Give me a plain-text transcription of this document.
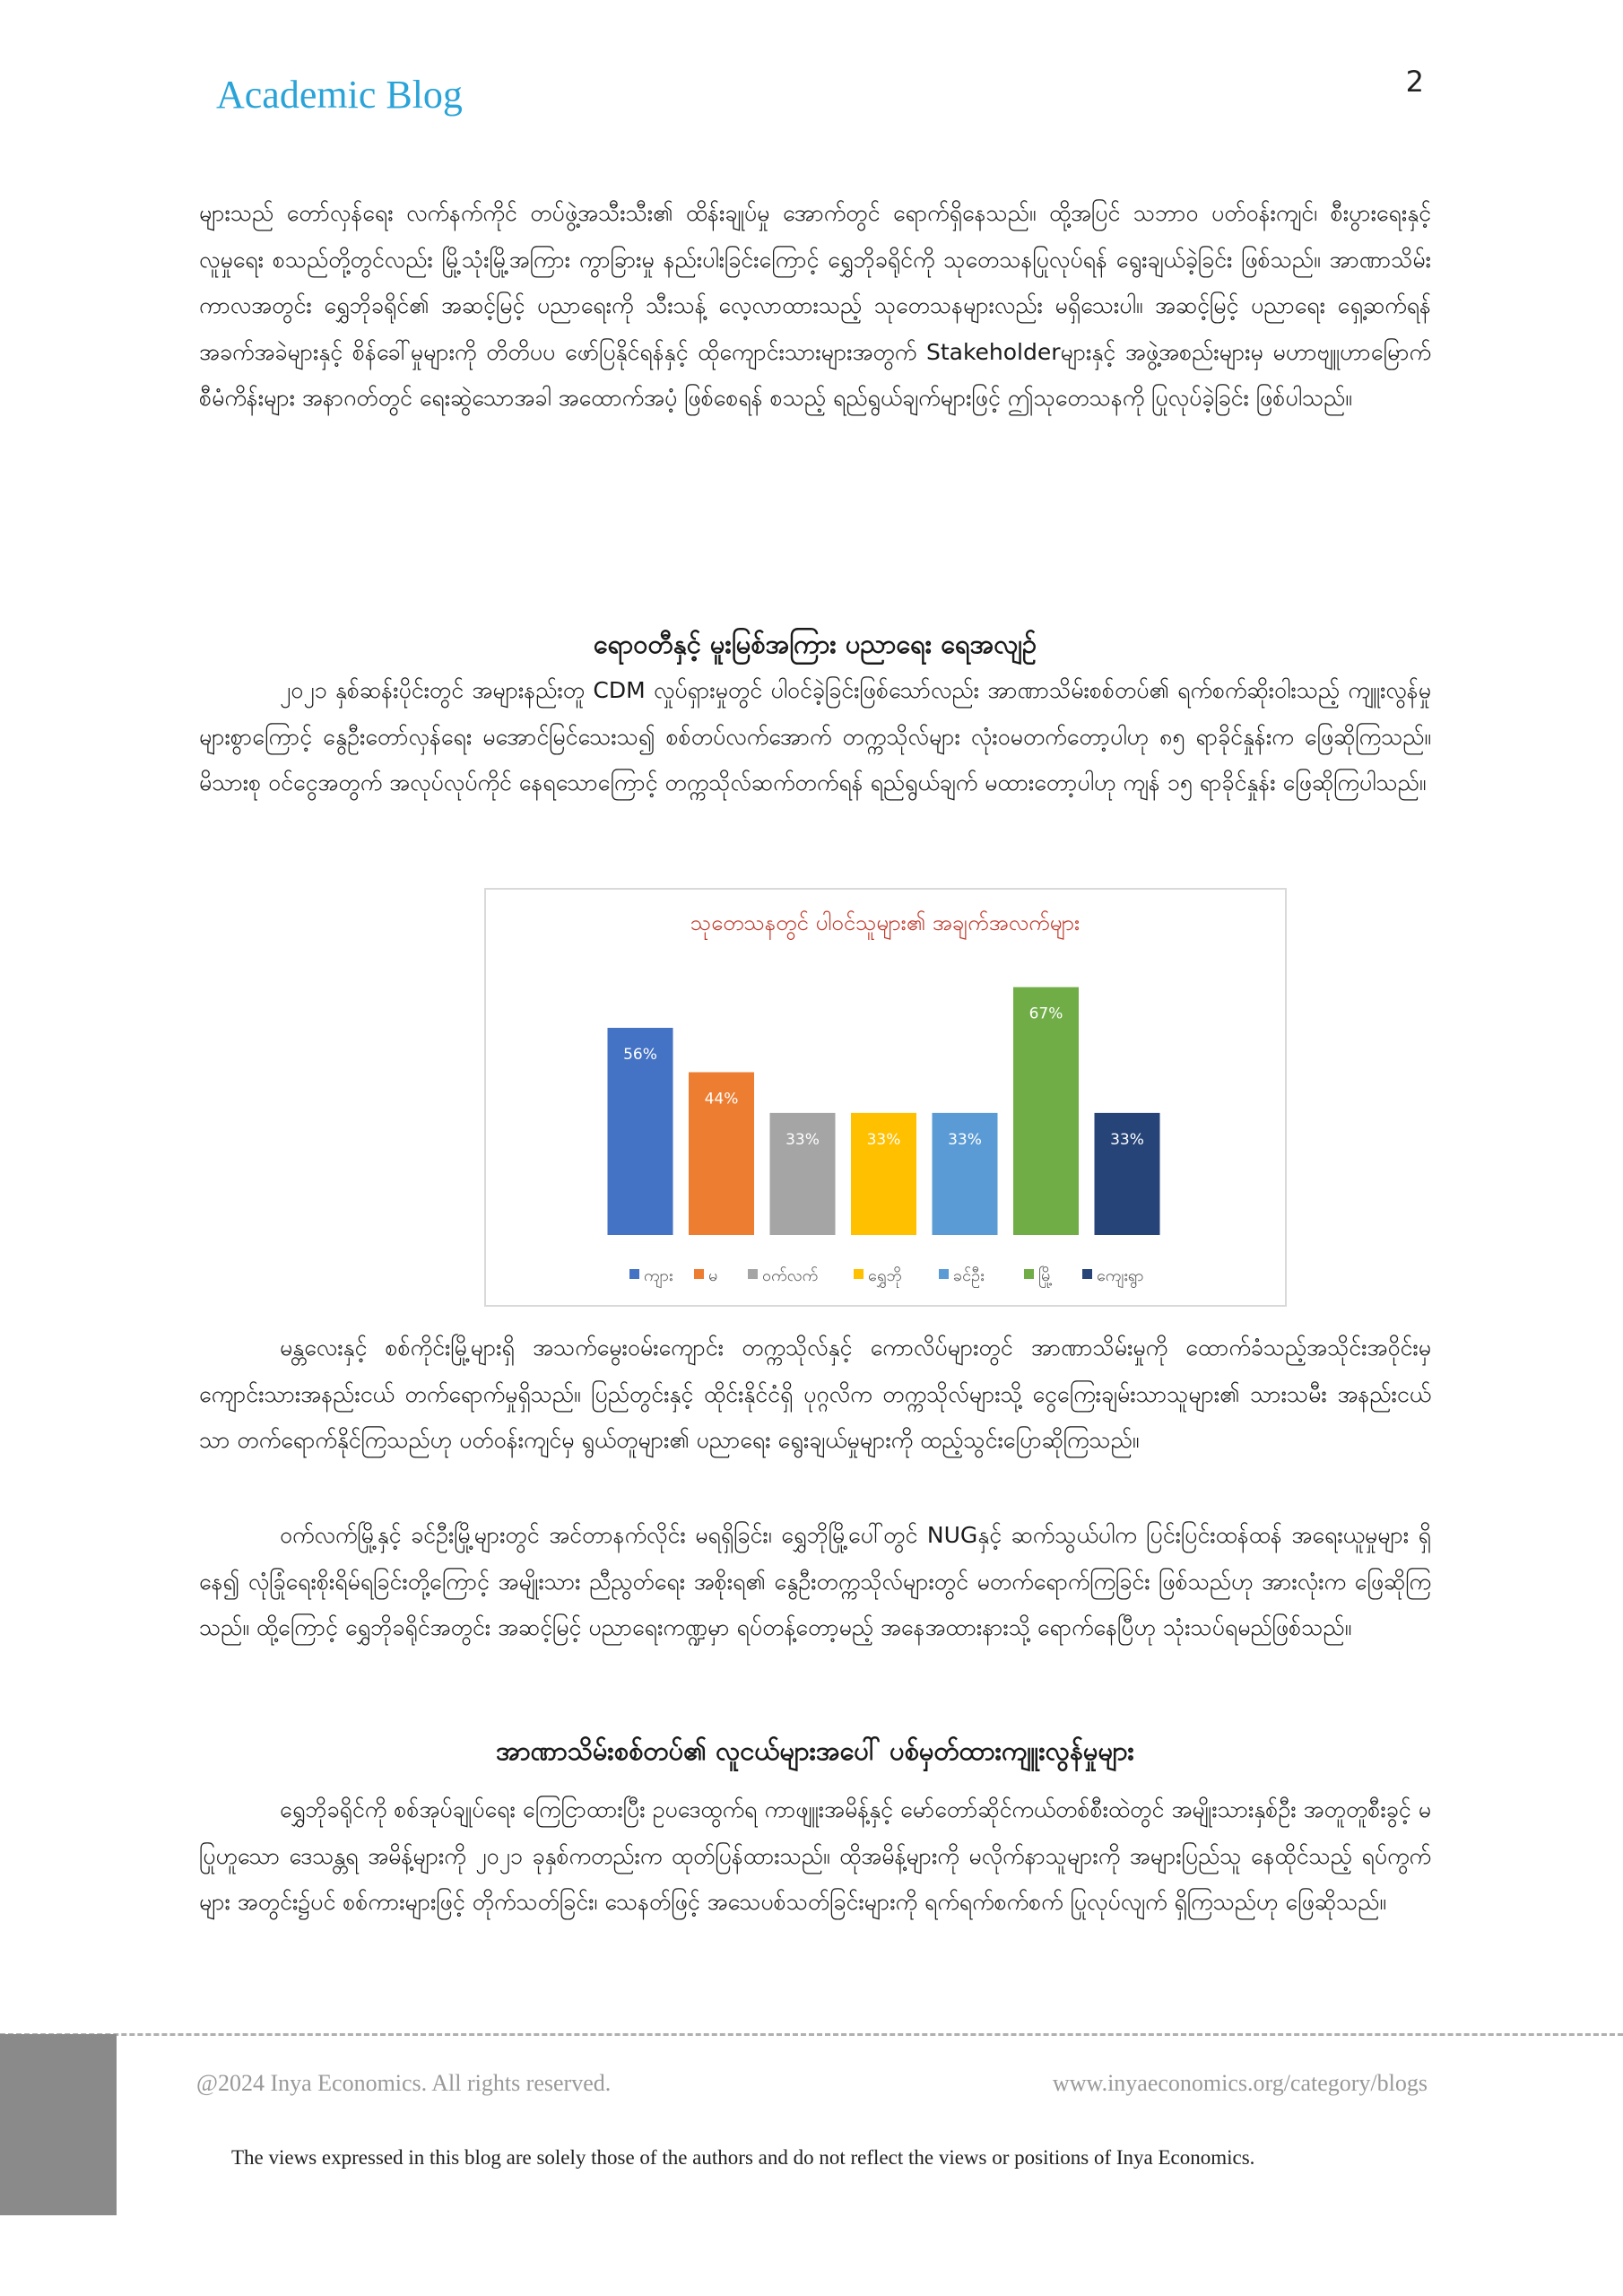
Academic Blog	2

များသည် တော်လှန်ရေး လက်နက်ကိုင် တပ်ဖွဲ့အသီးသီး၏ ထိန်းချုပ်မှု အောက်တွင် ရောက်ရှိနေသည်။ ထို့အပြင် သဘာဝ ပတ်ဝန်းကျင်၊ စီးပွားရေးနှင့် လူမှုရေး စသည်တို့တွင်လည်း မြို့သုံးမြို့အကြား ကွာခြားမှု နည်းပါးခြင်းကြောင့် ရွှေဘိုခရိုင်ကို သုတေသနပြုလုပ်ရန် ရွေးချယ်ခဲ့ခြင်း ဖြစ်သည်။ အာဏာသိမ်း ကာလအတွင်း ရွှေဘိုခရိုင်၏ အဆင့်မြင့် ပညာရေးကို သီးသန့် လေ့လာထားသည့် သုတေသနများလည်း မရှိသေးပါ။ အဆင့်မြင့် ပညာရေး ရှေ့ဆက်ရန် အခက်အခဲများနှင့် စိန်ခေါ်မှုများကို တိတိပပ ဖော်ပြနိုင်ရန်နှင့် ထိုကျောင်းသားများအတွက် Stakeholderများနှင့် အဖွဲ့အစည်းများမှ မဟာဗျူဟာမြောက် စီမံကိန်းများ အနာဂတ်တွင် ရေးဆွဲသောအခါ အထောက်အပံ့ ဖြစ်စေရန် စသည့် ရည်ရွယ်ချက်များဖြင့် ဤသုတေသနကို ပြုလုပ်ခဲ့ခြင်း ဖြစ်ပါသည်။

ရောဝတီနှင့် မူးမြစ်အကြား ပညာရေး ရေအလျဉ်

၂၀၂၁ နှစ်ဆန်းပိုင်းတွင် အများနည်းတူ CDM လှုပ်ရှားမှုတွင် ပါဝင်ခဲ့ခြင်းဖြစ်သော်လည်း အာဏာသိမ်းစစ်တပ်၏ ရက်စက်ဆိုးဝါးသည့် ကျူးလွန်မှုများစွာကြောင့် နွေဦးတော်လှန်ရေး မအောင်မြင်သေးသ၍ စစ်တပ်လက်အောက် တက္ကသိုလ်များ လုံးဝမတက်တော့ပါဟု ၈၅ ရာခိုင်နှုန်းက ဖြေဆိုကြသည်။ မိသားစု ဝင်ငွေအတွက် အလုပ်လုပ်ကိုင် နေရသောကြောင့် တက္ကသိုလ်ဆက်တက်ရန် ရည်ရွယ်ချက် မထားတော့ပါဟု ကျန် ၁၅ ရာခိုင်နှုန်း ဖြေဆိုကြပါသည်။

သုတေသနတွင် ပါဝင်သူများ၏ အချက်အလက်များ
56%
44%
33%	33%	33%
67%
33%
ကျား မ	ဝက်လက်	ရွှေဘို	ခင်ဦး	မြို့	ကျေးရွာ

မန္တလေးနှင့် စစ်ကိုင်းမြို့များရှိ အသက်မွေးဝမ်းကျောင်း တက္ကသိုလ်နှင့် ကောလိပ်များတွင် အာဏာသိမ်းမှုကို ထောက်ခံသည့်အသိုင်းအဝိုင်းမှ ကျောင်းသားအနည်းငယ် တက်ရောက်မှုရှိသည်။ ပြည်တွင်းနှင့် ထိုင်းနိုင်ငံရှိ ပုဂ္ဂလိက တက္ကသိုလ်များသို့ ငွေကြေးချမ်းသာသူများ၏ သားသမီး အနည်းငယ်သာ တက်ရောက်နိုင်ကြသည်ဟု ပတ်ဝန်းကျင်မှ ရွယ်တူများ၏ ပညာရေး ရွေးချယ်မှုများကို ထည့်သွင်းပြောဆိုကြသည်။

ဝက်လက်မြို့နှင့် ခင်ဦးမြို့များတွင် အင်တာနက်လိုင်း မရရှိခြင်း၊ ရွှေဘိုမြို့ပေါ်တွင် NUGနှင့် ဆက်သွယ်ပါက ပြင်းပြင်းထန်ထန် အရေးယူမှုများ ရှိနေ၍ လုံခြုံရေးစိုးရိမ်ရခြင်းတို့ကြောင့် အမျိုးသား ညီညွတ်ရေး အစိုးရ၏ နွေဦးတက္ကသိုလ်များတွင် မတက်ရောက်ကြခြင်း ဖြစ်သည်ဟု အားလုံးက ဖြေဆိုကြသည်။ ထို့ကြောင့် ရွှေဘိုခရိုင်အတွင်း အဆင့်မြင့် ပညာရေးကဏ္ဍမှာ ရပ်တန့်တော့မည့် အနေအထားနားသို့ ရောက်နေပြီဟု သုံးသပ်ရမည်ဖြစ်သည်။

အာဏာသိမ်းစစ်တပ်၏ လူငယ်များအပေါ် ပစ်မှတ်ထားကျူးလွန်မှုများ

ရွှေဘိုခရိုင်ကို စစ်အုပ်ချုပ်ရေး ကြေငြာထားပြီး ဥပဒေထွက်ရ ကာဖျူးအမိန့်နှင့် မော်တော်ဆိုင်ကယ်တစ်စီးထဲတွင် အမျိုးသားနှစ်ဦး အတူတူစီးခွင့် မပြုဟူသော ဒေသန္တရ အမိန့်များကို ၂၀၂၁ ခုနှစ်ကတည်းက ထုတ်ပြန်ထားသည်။ ထိုအမိန့်များကို မလိုက်နာသူများကို အများပြည်သူ နေထိုင်သည့် ရပ်ကွက်များ အတွင်း၌ပင် စစ်ကားများဖြင့် တိုက်သတ်ခြင်း၊ သေနတ်ဖြင့် အသေပစ်သတ်ခြင်းများကို ရက်ရက်စက်စက် ပြုလုပ်လျက် ရှိကြသည်ဟု ဖြေဆိုသည်။

@2024 Inya Economics. All rights reserved.	www.inyaeconomics.org/category/blogs
The views expressed in this blog are solely those of the authors and do not reflect the views or positions of Inya Economics.
